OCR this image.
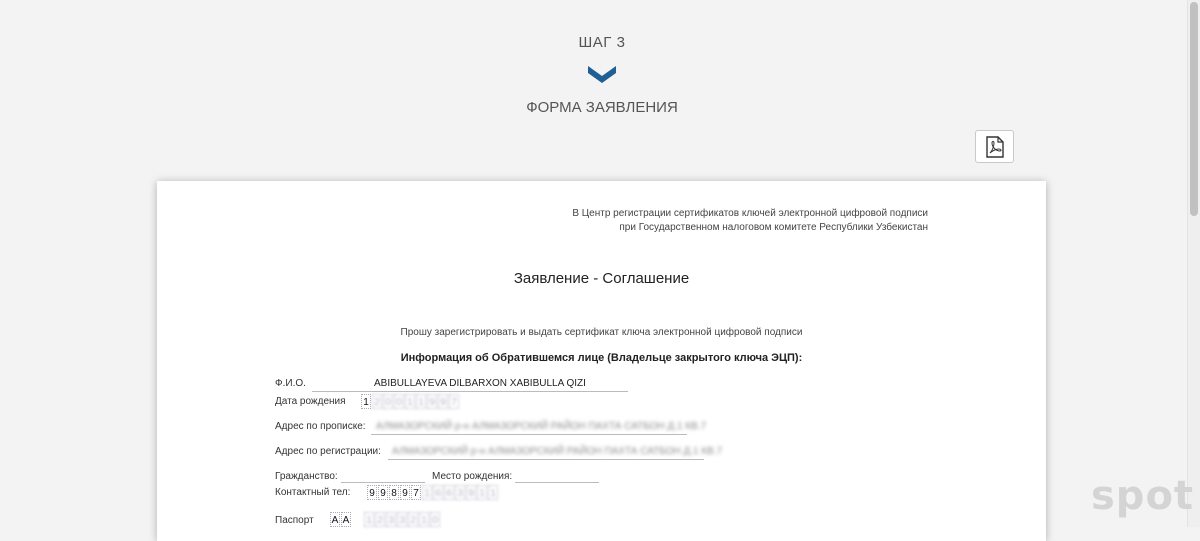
ШАГ 3
ФОРМА ЗАЯВЛЕНИЯ
В Центр регистрации сертификатов ключей электронной цифровой подписи
при Государственном налоговом комитете Республики Узбекистан
Заявление - Соглашение
Прошу зарегистрировать и выдать сертификат ключа электронной цифровой подписи
Информация об Обратившемся лице (Владельце закрытого ключа ЭЦП):
Ф.И.О.	ABIBULLAYEVA DILBARXON XABIBULLA QIZI
Дата рождения 1 2 0 0 1 1 9 9 7
Адрес по прописке: АЛМАЗОРСКИЙ р-н АЛМАЗОРСКИЙ РАЙОН ПАХТА САТБОН Д.1 КВ.7
Адрес по регистрации: АЛМАЗОРСКИЙ р-н АЛМАЗОРСКИЙ РАЙОН ПАХТА САТБОН Д.1 КВ.7
Гражданство:	Место рождения:
Контактный тел: 9 9 8 9 7 1 6 6 3 9 1 1
Паспорт А А 1 2 3 3 2 1 0
spot
